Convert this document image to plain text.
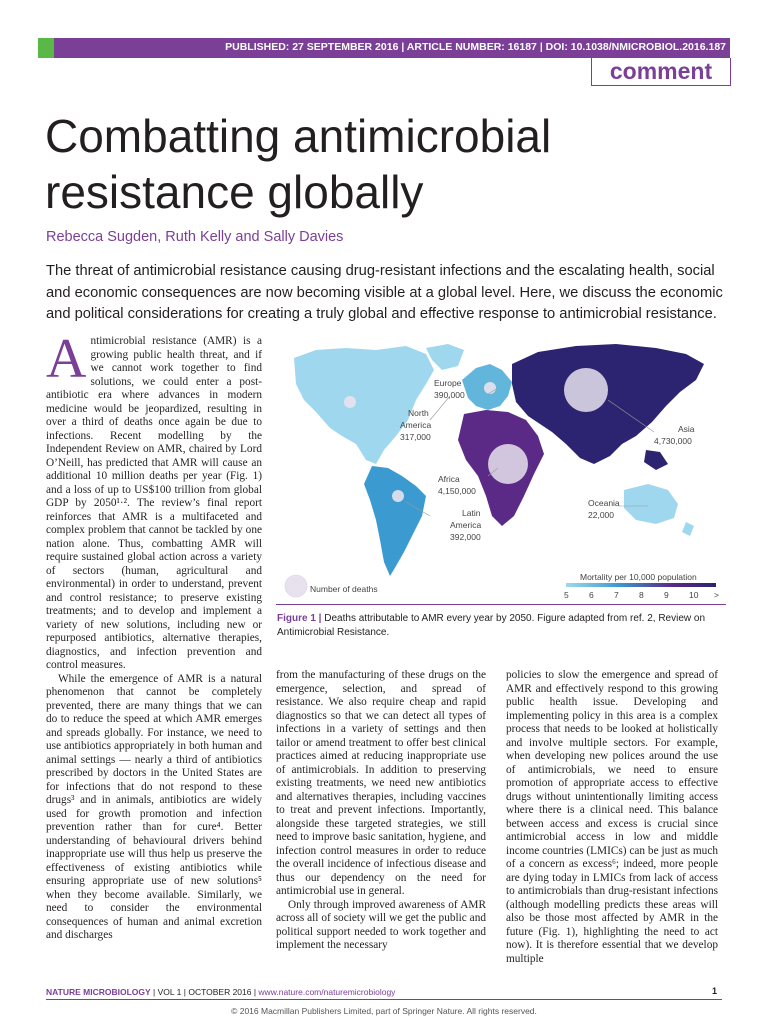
PUBLISHED: 27 SEPTEMBER 2016 | ARTICLE NUMBER: 16187 | DOI: 10.1038/NMICROBIOL.2016.187
comment
Combatting antimicrobial resistance globally
Rebecca Sugden, Ruth Kelly and Sally Davies

The threat of antimicrobial resistance causing drug-resistant infections and the escalating health, social and economic consequences are now becoming visible at a global level. Here, we discuss the economic and political considerations for creating a truly global and effective response to antimicrobial resistance.

Antimicrobial resistance (AMR) is a growing public health threat, and if we cannot work together to find solutions, we could enter a post-antibiotic era where advances in modern medicine would be jeopardized, resulting in over a third of deaths once again be due to infections. Recent modelling by the Independent Review on AMR, chaired by Lord O’Neill, has predicted that AMR will cause an additional 10 million deaths per year (Fig. 1) and a loss of up to US$100 trillion from global GDP by 2050¹·². The review’s final report reinforces that AMR is a multifaceted and complex problem that cannot be tackled by one nation alone. Thus, combatting AMR will require sustained global action across a variety of sectors (human, agricultural and environmental) in order to understand, prevent and control resistance; to preserve existing treatments; and to develop and implement a variety of new solutions, including new or repurposed antibiotics, alternative therapies, diagnostics, and infection prevention and control measures.

While the emergence of AMR is a natural phenomenon that cannot be completely prevented, there are many things that we can do to reduce the speed at which AMR emerges and spreads globally. For instance, we need to use antibiotics appropriately in both human and animal settings — nearly a third of antibiotics prescribed by doctors in the United States are for infections that do not respond to these drugs³ and in animals, antibiotics are widely used for growth promotion and infection prevention rather than for cure⁴. Better understanding of behavioural drivers behind inappropriate use will thus help us preserve the effectiveness of existing antibiotics while ensuring appropriate use of new solutions⁵ when they become available. Similarly, we need to consider the environmental consequences of human and animal excretion and discharges

Europe
390,000
North
America
317,000
Asia
4,730,000
Africa
4,150,000
Latin
America
392,000
Oceania
22,000
Number of deaths
Mortality per 10,000 population
5 6 7 8 9 10 >
Figure 1 | Deaths attributable to AMR every year by 2050. Figure adapted from ref. 2, Review on Antimicrobial Resistance.

from the manufacturing of these drugs on the emergence, selection, and spread of resistance. We also require cheap and rapid diagnostics so that we can detect all types of infections in a variety of settings and then tailor or amend treatment to offer best clinical practices aimed at reducing inappropriate use of antimicrobials. In addition to preserving existing treatments, we need new antibiotics and alternatives therapies, including vaccines to treat and prevent infections. Importantly, alongside these targeted strategies, we still need to improve basic sanitation, hygiene, and infection control measures in order to reduce the overall incidence of infectious disease and thus our dependency on the need for antimicrobial use in general.

Only through improved awareness of AMR across all of society will we get the public and political support needed to work together and implement the necessary

policies to slow the emergence and spread of AMR and effectively respond to this growing public health issue. Developing and implementing policy in this area is a complex process that needs to be looked at holistically and involve multiple sectors. For example, when developing new polices around the use of antimicrobials, we need to ensure promotion of appropriate access to effective drugs without unintentionally limiting access where there is a clinical need. This balance between access and excess is crucial since antimicrobial access in low and middle income countries (LMICs) can be just as much of a concern as excess⁶; indeed, more people are dying today in LMICs from lack of access to antimicrobials than drug-resistant infections (although modelling predicts these areas will also be those most affected by AMR in the future (Fig. 1), highlighting the need to act now). It is therefore essential that we develop multiple

NATURE MICROBIOLOGY | VOL 1 | OCTOBER 2016 | www.nature.com/naturemicrobiology	1
© 2016 Macmillan Publishers Limited, part of Springer Nature. All rights reserved.
